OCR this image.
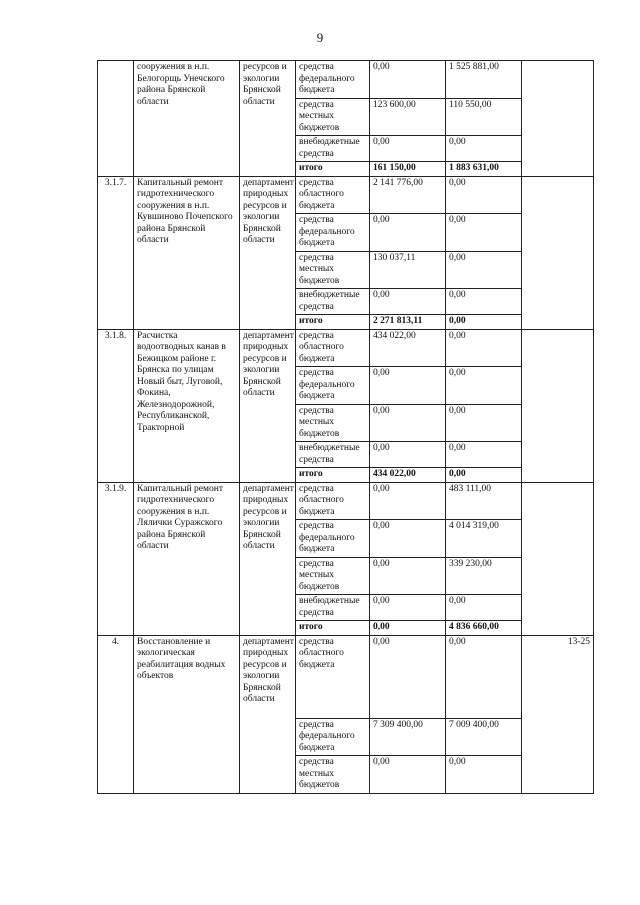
9
	сооружения в н.п. Белогорщь Унечского района Брянской области	ресурсов и экологии Брянской области	средства федерального бюджета	0,00	1 525 881,00	
			средства местных бюджетов	123 600,00	110 550,00	
			внебюджетные средства	0,00	0,00	
			итого	161 150,00	1 883 631,00	
3.1.7.	Капитальный ремонт гидротехнического сооружения в н.п. Кувшиново Почепского района Брянской области	департамент природных ресурсов и экологии Брянской области	средства областного бюджета	2 141 776,00	0,00	
			средства федерального бюджета	0,00	0,00	
			средства местных бюджетов	130 037,11	0,00	
			внебюджетные средства	0,00	0,00	
			итого	2 271 813,11	0,00	
3.1.8.	Расчистка водоотводных канав в Бежицком районе г. Брянска по улицам Новый быт, Луговой, Фокина, Железнодорожной, Республиканской, Тракторной	департамент природных ресурсов и экологии Брянской области	средства областного бюджета	434 022,00	0,00	
			средства федерального бюджета	0,00	0,00	
			средства местных бюджетов	0,00	0,00	
			внебюджетные средства	0,00	0,00	
			итого	434 022,00	0,00	
3.1.9.	Капитальный ремонт гидротехнического сооружения в н.п. Лялички Суражского района Брянской области	департамент природных ресурсов и экологии Брянской области	средства областного бюджета	0,00	483 111,00	
			средства федерального бюджета	0,00	4 014 319,00	
			средства местных бюджетов	0,00	339 230,00	
			внебюджетные средства	0,00	0,00	
			итого	0,00	4 836 660,00	
4.	Восстановление и экологическая реабилитация водных объектов	департамент природных ресурсов и экологии Брянской области	средства областного бюджета	0,00	0,00	13-25
			средства федерального бюджета	7 309 400,00	7 009 400,00	
			средства местных бюджетов	0,00	0,00	
